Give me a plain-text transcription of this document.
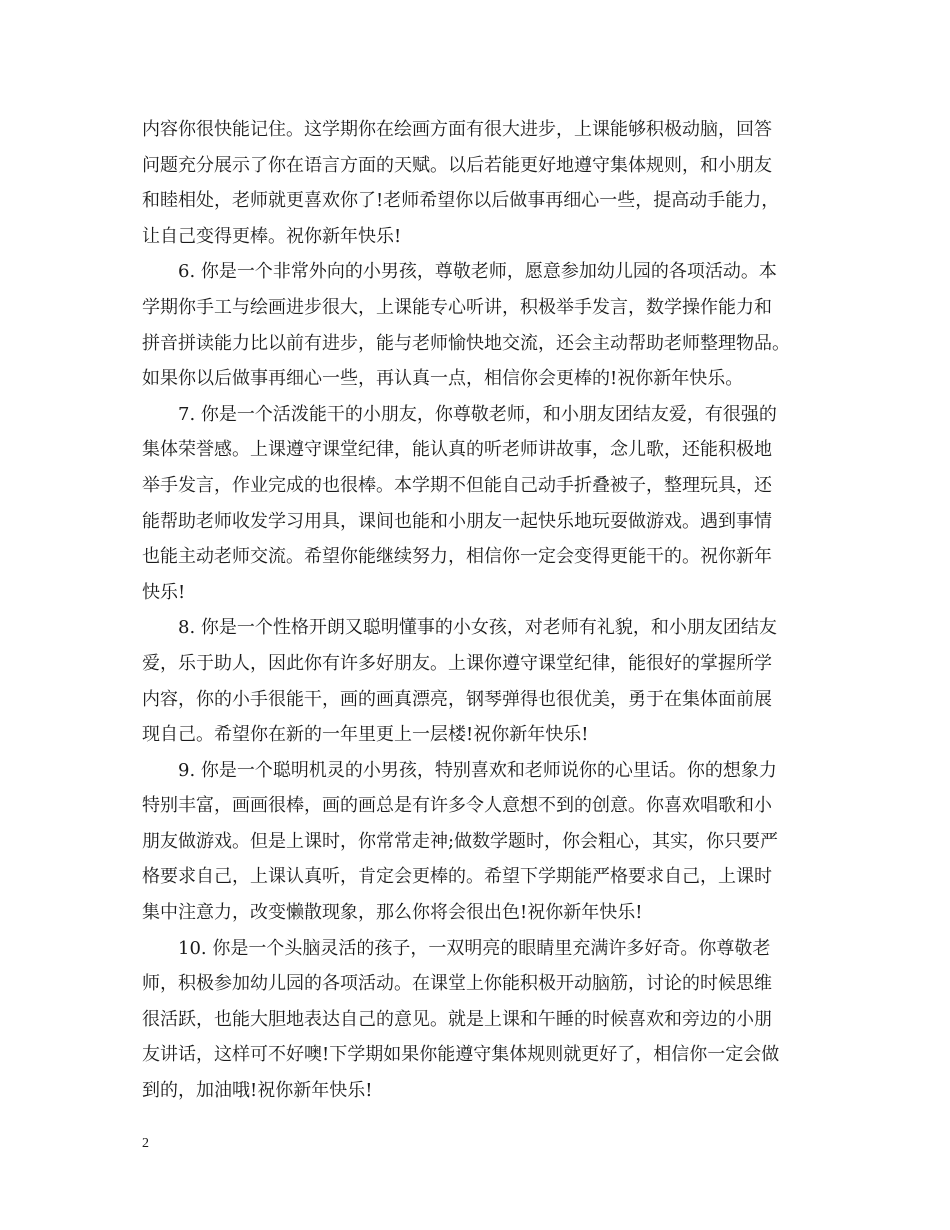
内容你很快能记住。这学期你在绘画方面有很大进步，上课能够积极动脑，回答
问题充分展示了你在语言方面的天赋。以后若能更好地遵守集体规则，和小朋友
和睦相处，老师就更喜欢你了!老师希望你以后做事再细心一些，提高动手能力，
让自己变得更棒。祝你新年快乐!
　　6. 你是一个非常外向的小男孩，尊敬老师，愿意参加幼儿园的各项活动。本
学期你手工与绘画进步很大，上课能专心听讲，积极举手发言，数学操作能力和
拼音拼读能力比以前有进步，能与老师愉快地交流，还会主动帮助老师整理物品。
如果你以后做事再细心一些，再认真一点，相信你会更棒的!祝你新年快乐。
　　7. 你是一个活泼能干的小朋友，你尊敬老师，和小朋友团结友爱，有很强的
集体荣誉感。上课遵守课堂纪律，能认真的听老师讲故事，念儿歌，还能积极地
举手发言，作业完成的也很棒。本学期不但能自己动手折叠被子，整理玩具，还
能帮助老师收发学习用具，课间也能和小朋友一起快乐地玩耍做游戏。遇到事情
也能主动老师交流。希望你能继续努力，相信你一定会变得更能干的。祝你新年
快乐!
　　8. 你是一个性格开朗又聪明懂事的小女孩，对老师有礼貌，和小朋友团结友
爱，乐于助人，因此你有许多好朋友。上课你遵守课堂纪律，能很好的掌握所学
内容，你的小手很能干，画的画真漂亮，钢琴弹得也很优美，勇于在集体面前展
现自己。希望你在新的一年里更上一层楼!祝你新年快乐!
　　9. 你是一个聪明机灵的小男孩，特别喜欢和老师说你的心里话。你的想象力
特别丰富，画画很棒，画的画总是有许多令人意想不到的创意。你喜欢唱歌和小
朋友做游戏。但是上课时，你常常走神;做数学题时，你会粗心，其实，你只要严
格要求自己，上课认真听，肯定会更棒的。希望下学期能严格要求自己，上课时
集中注意力，改变懒散现象，那么你将会很出色!祝你新年快乐!
　　10. 你是一个头脑灵活的孩子，一双明亮的眼睛里充满许多好奇。你尊敬老
师，积极参加幼儿园的各项活动。在课堂上你能积极开动脑筋，讨论的时候思维
很活跃，也能大胆地表达自己的意见。就是上课和午睡的时候喜欢和旁边的小朋
友讲话，这样可不好噢!下学期如果你能遵守集体规则就更好了，相信你一定会做
到的，加油哦!祝你新年快乐!
2
